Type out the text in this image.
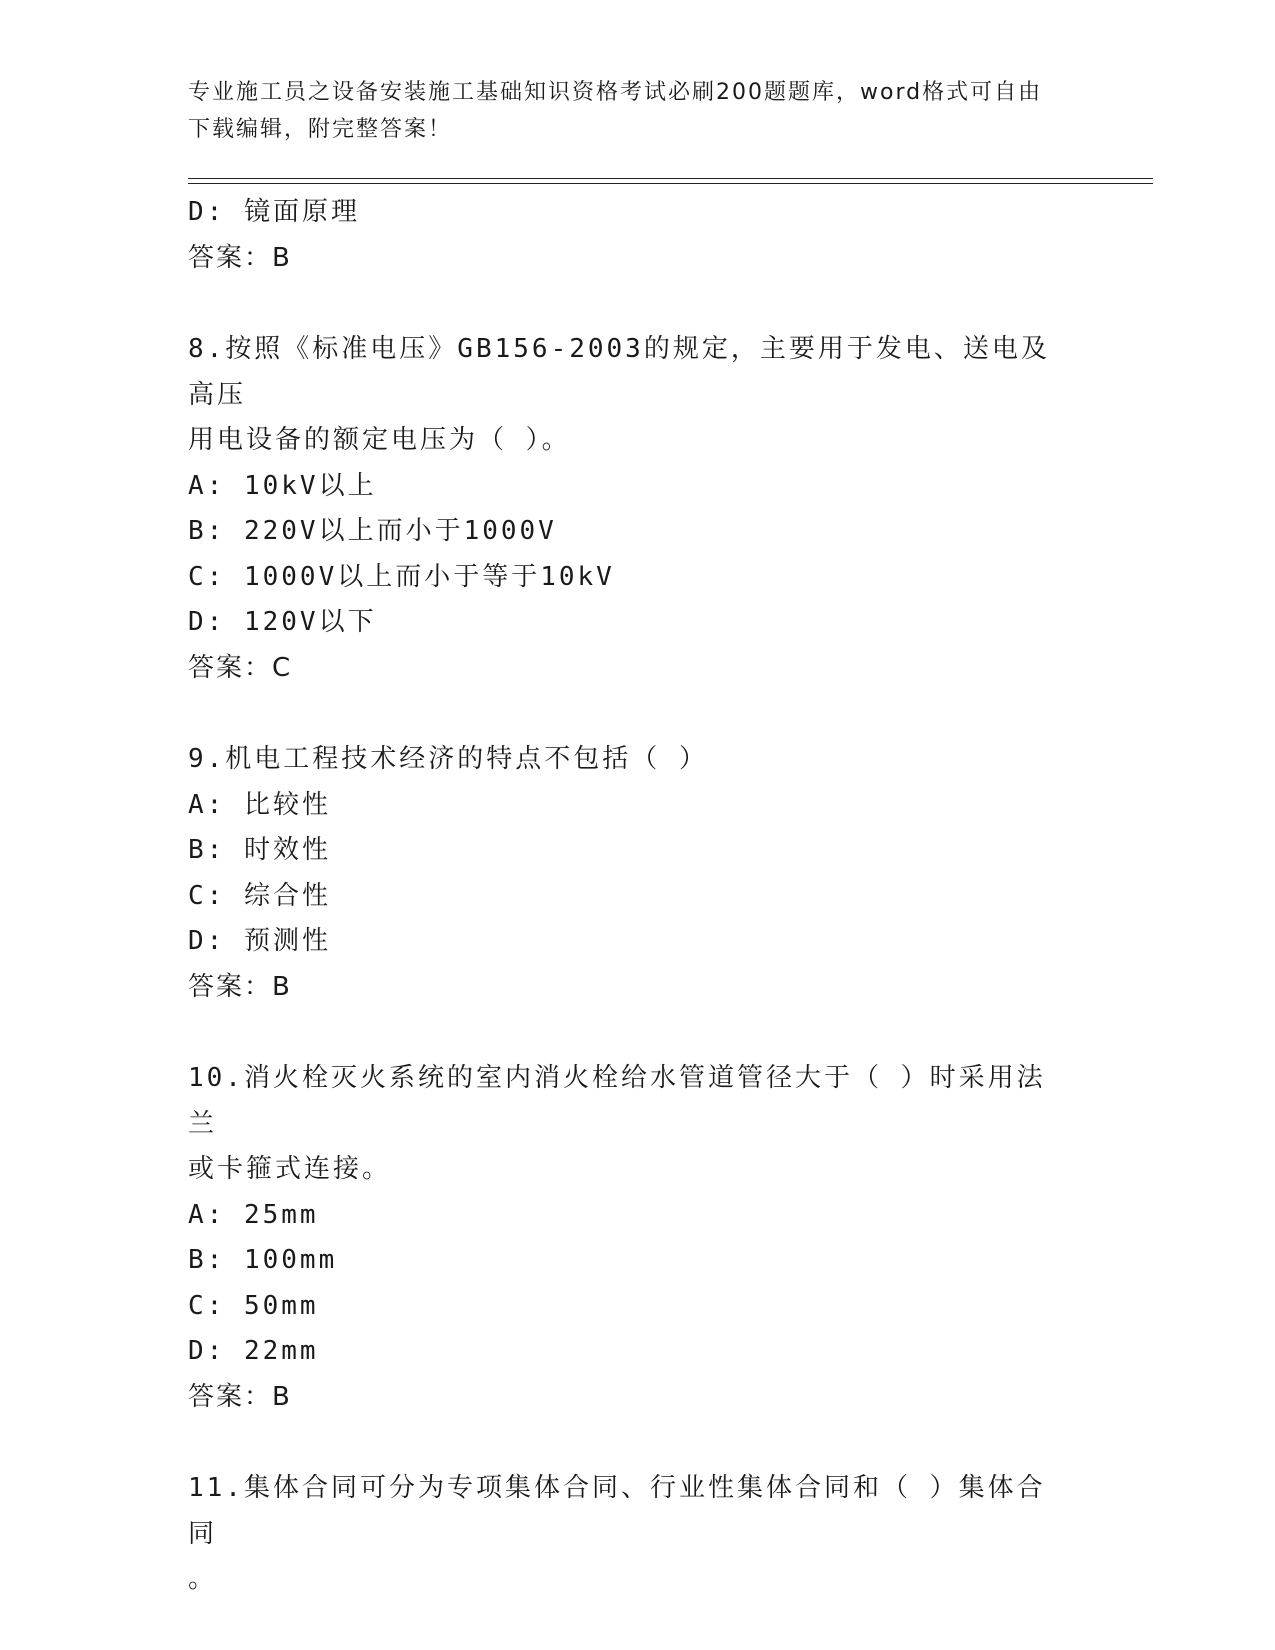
专业施工员之设备安装施工基础知识资格考试必刷200题题库，word格式可自由
下载编辑，附完整答案！
D: 镜面原理
答案：B
8.按照《标准电压》GB156-2003的规定，主要用于发电、送电及高压
用电设备的额定电压为（ ）。
A: 10kV以上
B: 220V以上而小于1000V
C: 1000V以上而小于等于10kV
D: 120V以下
答案：C
9.机电工程技术经济的特点不包括（ ）
A: 比较性
B: 时效性
C: 综合性
D: 预测性
答案：B
10.消火栓灭火系统的室内消火栓给水管道管径大于（ ）时采用法兰
或卡箍式连接。
A: 25mm
B: 100mm
C: 50mm
D: 22mm
答案：B
11.集体合同可分为专项集体合同、行业性集体合同和（ ）集体合同
。
